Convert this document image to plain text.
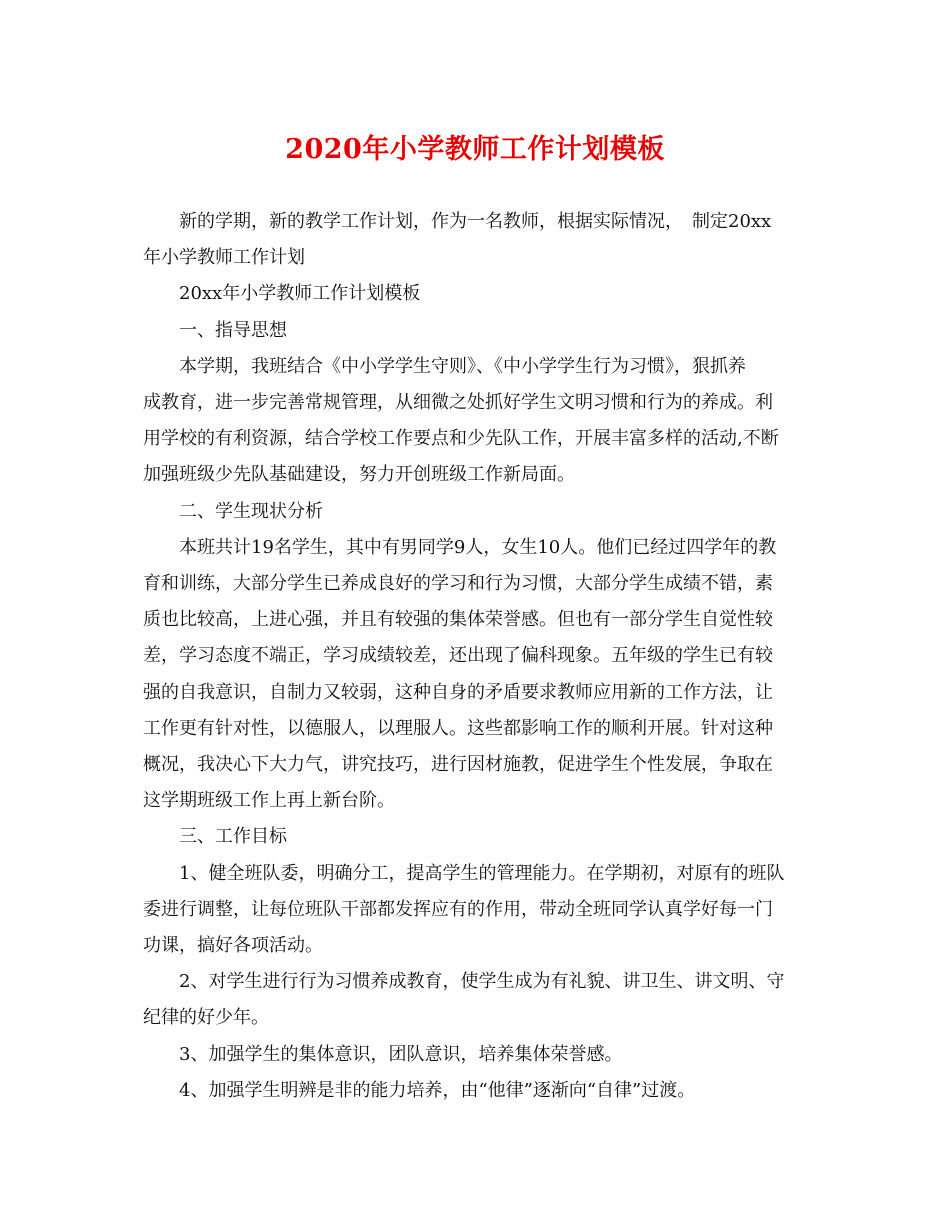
2020年小学教师工作计划模板
新的学期，新的教学工作计划，作为一名教师，根据实际情况，　制定20xx
年小学教师工作计划
20xx年小学教师工作计划模板
一、指导思想
本学期，我班结合《中小学学生守则》、《中小学学生行为习惯》，狠抓养
成教育，进一步完善常规管理，从细微之处抓好学生文明习惯和行为的养成。利
用学校的有利资源，结合学校工作要点和少先队工作，开展丰富多样的活动,不断
加强班级少先队基础建设，努力开创班级工作新局面。
二、学生现状分析
本班共计19名学生，其中有男同学9人，女生10人。他们已经过四学年的教
育和训练，大部分学生已养成良好的学习和行为习惯，大部分学生成绩不错，素
质也比较高，上进心强，并且有较强的集体荣誉感。但也有一部分学生自觉性较
差，学习态度不端正，学习成绩较差，还出现了偏科现象。五年级的学生已有较
强的自我意识，自制力又较弱，这种自身的矛盾要求教师应用新的工作方法，让
工作更有针对性，以德服人，以理服人。这些都影响工作的顺利开展。针对这种
概况，我决心下大力气，讲究技巧，进行因材施教，促进学生个性发展，争取在
这学期班级工作上再上新台阶。
三、工作目标
1、健全班队委，明确分工，提高学生的管理能力。在学期初，对原有的班队
委进行调整，让每位班队干部都发挥应有的作用，带动全班同学认真学好每一门
功课，搞好各项活动。
2、对学生进行行为习惯养成教育，使学生成为有礼貌、讲卫生、讲文明、守
纪律的好少年。
3、加强学生的集体意识，团队意识，培养集体荣誉感。
4、加强学生明辨是非的能力培养，由“他律”逐渐向“自律”过渡。
